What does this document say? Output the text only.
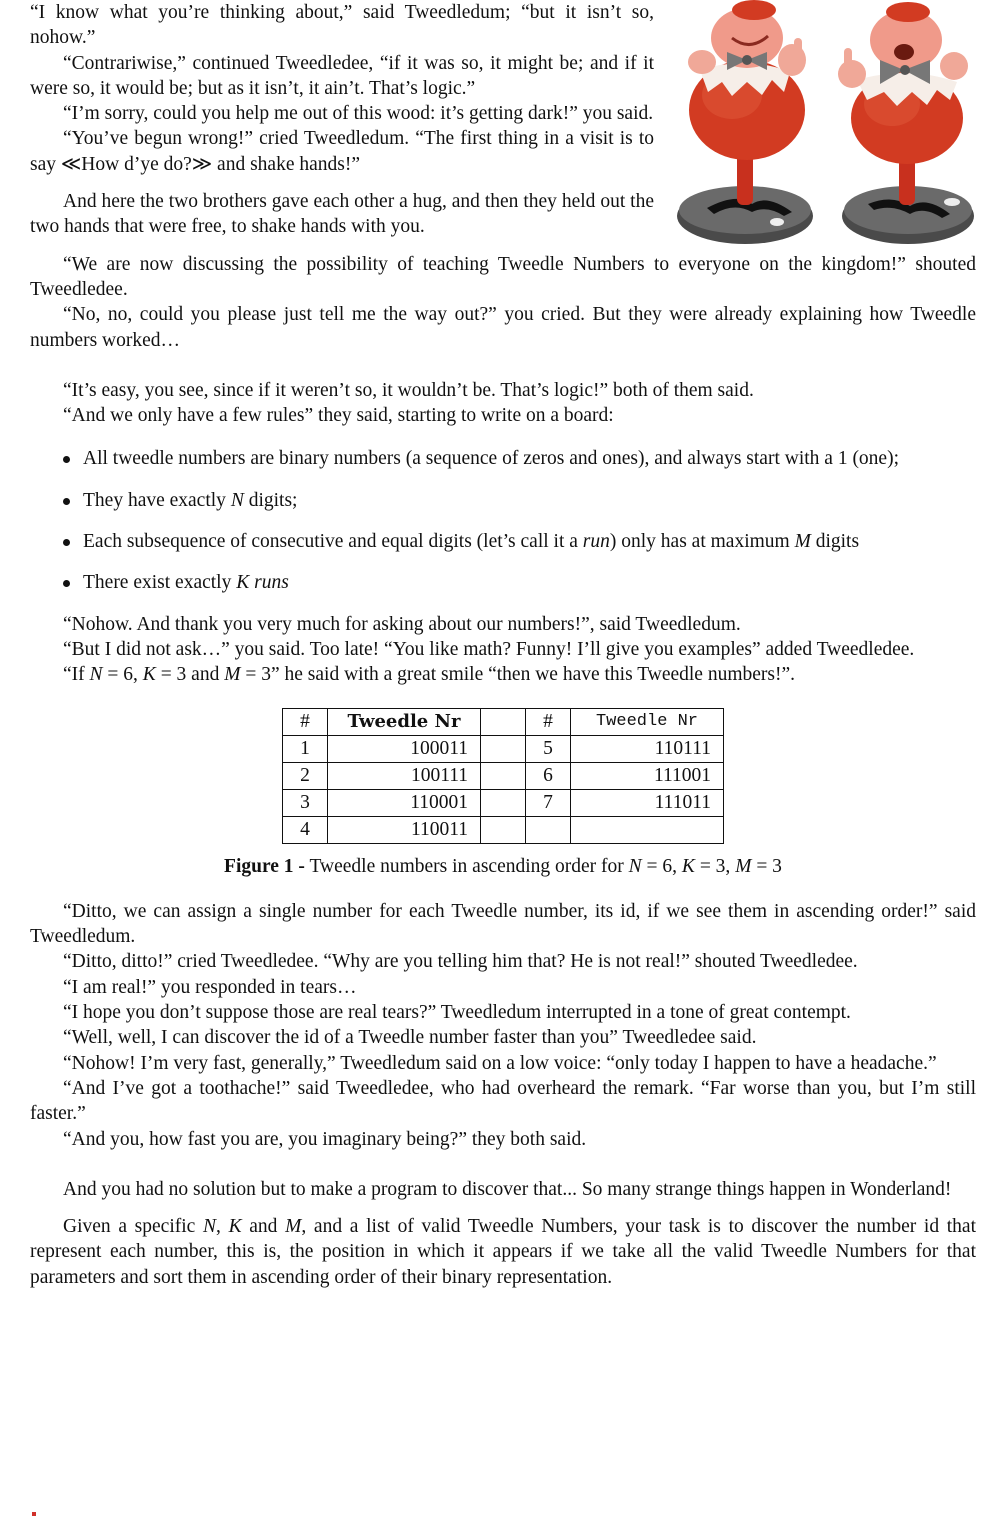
“I know what you’re thinking about,” said Tweedledum; “but it isn’t so, nohow.”

“Contrariwise,” continued Tweedledee, “if it was so, it might be; and if it were so, it would be; but as it isn’t, it ain’t. That’s logic.”

“I’m sorry, could you help me out of this wood: it’s getting dark!” you said.

“You’ve begun wrong!” cried Tweedledum. “The first thing in a visit is to say ≪How d’ye do?≫ and shake hands!”

And here the two brothers gave each other a hug, and then they held out the two hands that were free, to shake hands with you.

“We are now discussing the possibility of teaching Tweedle Numbers to everyone on the kingdom!” shouted Tweedledee.

“No, no, could you please just tell me the way out?” you cried. But they were already explaining how Tweedle numbers worked…

“It’s easy, you see, since if it weren’t so, it wouldn’t be. That’s logic!” both of them said.

“And we only have a few rules” they said, starting to write on a board:

All tweedle numbers are binary numbers (a sequence of zeros and ones), and always start with a 1 (one);
They have exactly N digits;
Each subsequence of consecutive and equal digits (let’s call it a run) only has at maximum M digits
There exist exactly K runs

“Nohow. And thank you very much for asking about our numbers!”, said Tweedledum.

“But I did not ask…” you said. Too late! “You like math? Funny! I’ll give you examples” added Tweedledee.

“If N = 6, K = 3 and M = 3” he said with a great smile “then we have this Tweedle numbers!”.

#	Tweedle Nr		#	Tweedle Nr
1	100011		5	110111
2	100111		6	111001
3	110001		7	111011
4	110011			

Figure 1 - Tweedle numbers in ascending order for N = 6, K = 3, M = 3

“Ditto, we can assign a single number for each Tweedle number, its id, if we see them in ascending order!” said Tweedledum.

“Ditto, ditto!” cried Tweedledee. “Why are you telling him that? He is not real!” shouted Tweedledee.

“I am real!” you responded in tears…

“I hope you don’t suppose those are real tears?” Tweedledum interrupted in a tone of great contempt.

“Well, well, I can discover the id of a Tweedle number faster than you” Tweedledee said.

“Nohow! I’m very fast, generally,” Tweedledum said on a low voice: “only today I happen to have a headache.”

“And I’ve got a toothache!” said Tweedledee, who had overheard the remark. “Far worse than you, but I’m still faster.”

“And you, how fast you are, you imaginary being?” they both said.

And you had no solution but to make a program to discover that... So many strange things happen in Wonderland!

Given a specific N, K and M, and a list of valid Tweedle Numbers, your task is to discover the number id that represent each number, this is, the position in which it appears if we take all the valid Tweedle Numbers for that parameters and sort them in ascending order of their binary representation.
